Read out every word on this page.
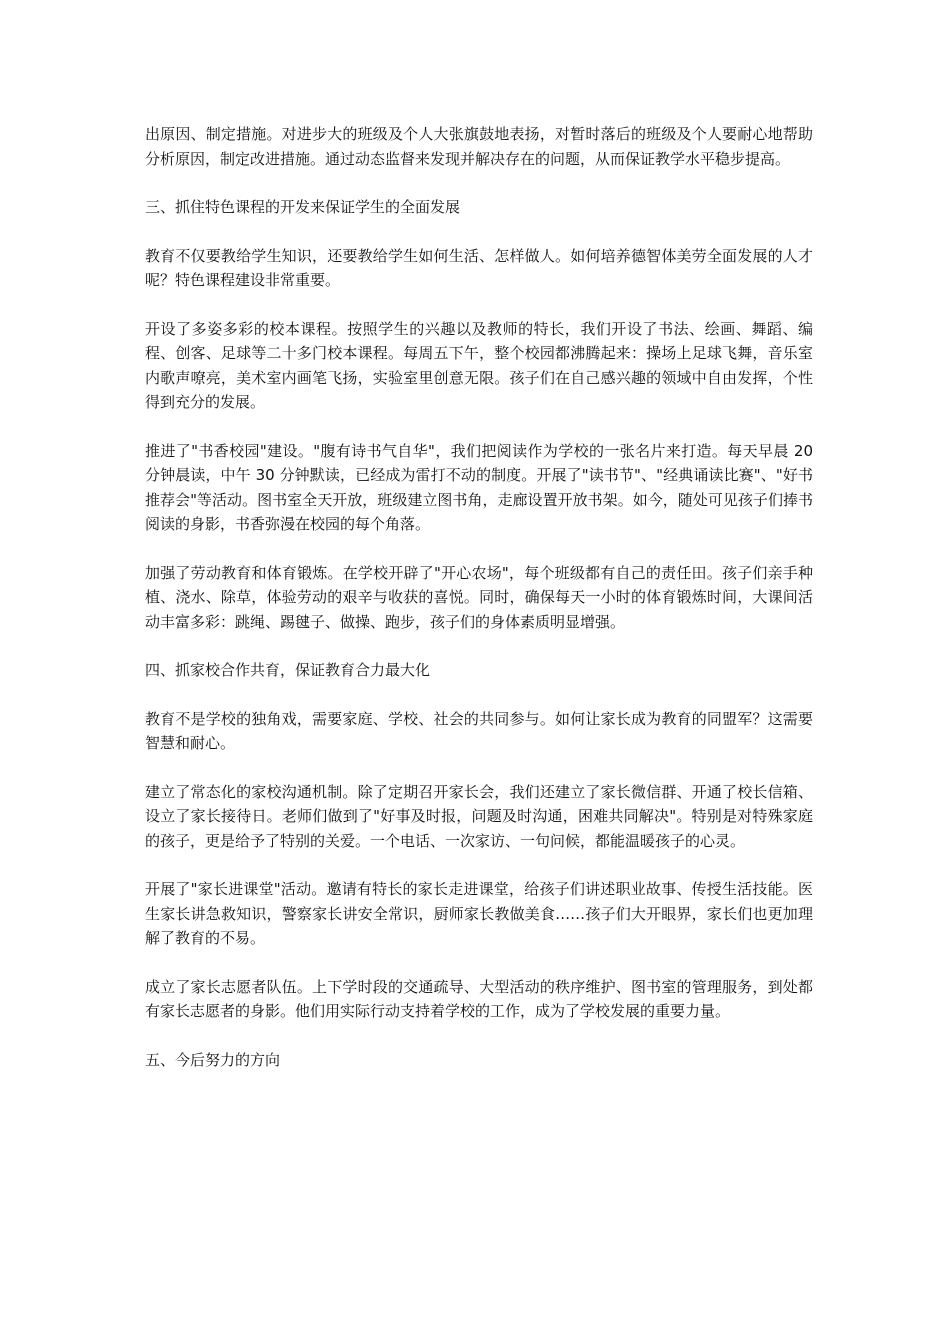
出原因、制定措施。对进步大的班级及个人大张旗鼓地表扬，对暂时落后的班级及个人要耐心地帮助分析原因，制定改进措施。通过动态监督来发现并解决存在的问题，从而保证教学水平稳步提高。

三、抓住特色课程的开发来保证学生的全面发展

教育不仅要教给学生知识，还要教给学生如何生活、怎样做人。如何培养德智体美劳全面发展的人才呢？特色课程建设非常重要。

开设了多姿多彩的校本课程。按照学生的兴趣以及教师的特长，我们开设了书法、绘画、舞蹈、编程、创客、足球等二十多门校本课程。每周五下午，整个校园都沸腾起来：操场上足球飞舞，音乐室内歌声嘹亮，美术室内画笔飞扬，实验室里创意无限。孩子们在自己感兴趣的领域中自由发挥，个性得到充分的发展。

推进了"书香校园"建设。"腹有诗书气自华"，我们把阅读作为学校的一张名片来打造。每天早晨 20 分钟晨读，中午 30 分钟默读，已经成为雷打不动的制度。开展了"读书节"、"经典诵读比赛"、"好书推荐会"等活动。图书室全天开放，班级建立图书角，走廊设置开放书架。如今，随处可见孩子们捧书阅读的身影，书香弥漫在校园的每个角落。

加强了劳动教育和体育锻炼。在学校开辟了"开心农场"，每个班级都有自己的责任田。孩子们亲手种植、浇水、除草，体验劳动的艰辛与收获的喜悦。同时，确保每天一小时的体育锻炼时间，大课间活动丰富多彩：跳绳、踢毽子、做操、跑步，孩子们的身体素质明显增强。

四、抓家校合作共育，保证教育合力最大化

教育不是学校的独角戏，需要家庭、学校、社会的共同参与。如何让家长成为教育的同盟军？这需要智慧和耐心。

建立了常态化的家校沟通机制。除了定期召开家长会，我们还建立了家长微信群、开通了校长信箱、设立了家长接待日。老师们做到了"好事及时报，问题及时沟通，困难共同解决"。特别是对特殊家庭的孩子，更是给予了特别的关爱。一个电话、一次家访、一句问候，都能温暖孩子的心灵。

开展了"家长进课堂"活动。邀请有特长的家长走进课堂，给孩子们讲述职业故事、传授生活技能。医生家长讲急救知识，警察家长讲安全常识，厨师家长教做美食……孩子们大开眼界，家长们也更加理解了教育的不易。

成立了家长志愿者队伍。上下学时段的交通疏导、大型活动的秩序维护、图书室的管理服务，到处都有家长志愿者的身影。他们用实际行动支持着学校的工作，成为了学校发展的重要力量。

五、今后努力的方向
